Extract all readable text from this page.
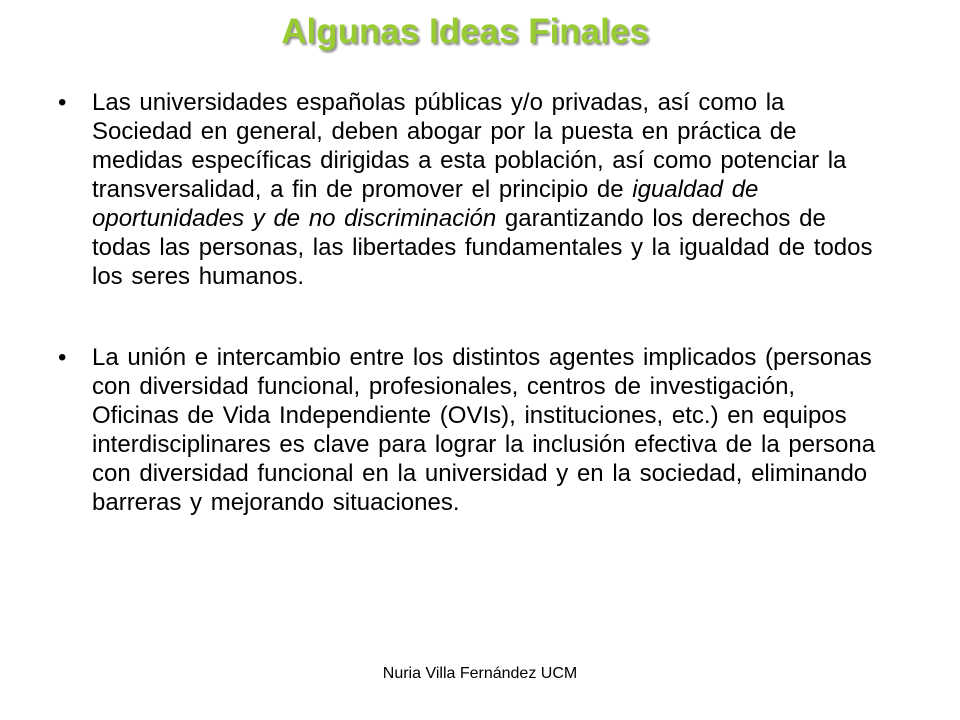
Algunas Ideas Finales
• Las universidades españolas públicas y/o privadas, así como la Sociedad en general, deben abogar por la puesta en práctica de medidas específicas dirigidas a esta población, así como potenciar la transversalidad, a fin de promover el principio de igualdad de oportunidades y de no discriminación garantizando los derechos de todas las personas, las libertades fundamentales y la igualdad de todos los seres humanos.
• La unión e intercambio entre los distintos agentes implicados (personas con diversidad funcional, profesionales, centros de investigación, Oficinas de Vida Independiente (OVIs), instituciones, etc.) en equipos interdisciplinares es clave para lograr la inclusión efectiva de la persona con diversidad funcional en la universidad y en la sociedad, eliminando barreras y mejorando situaciones.
Nuria Villa Fernández UCM
